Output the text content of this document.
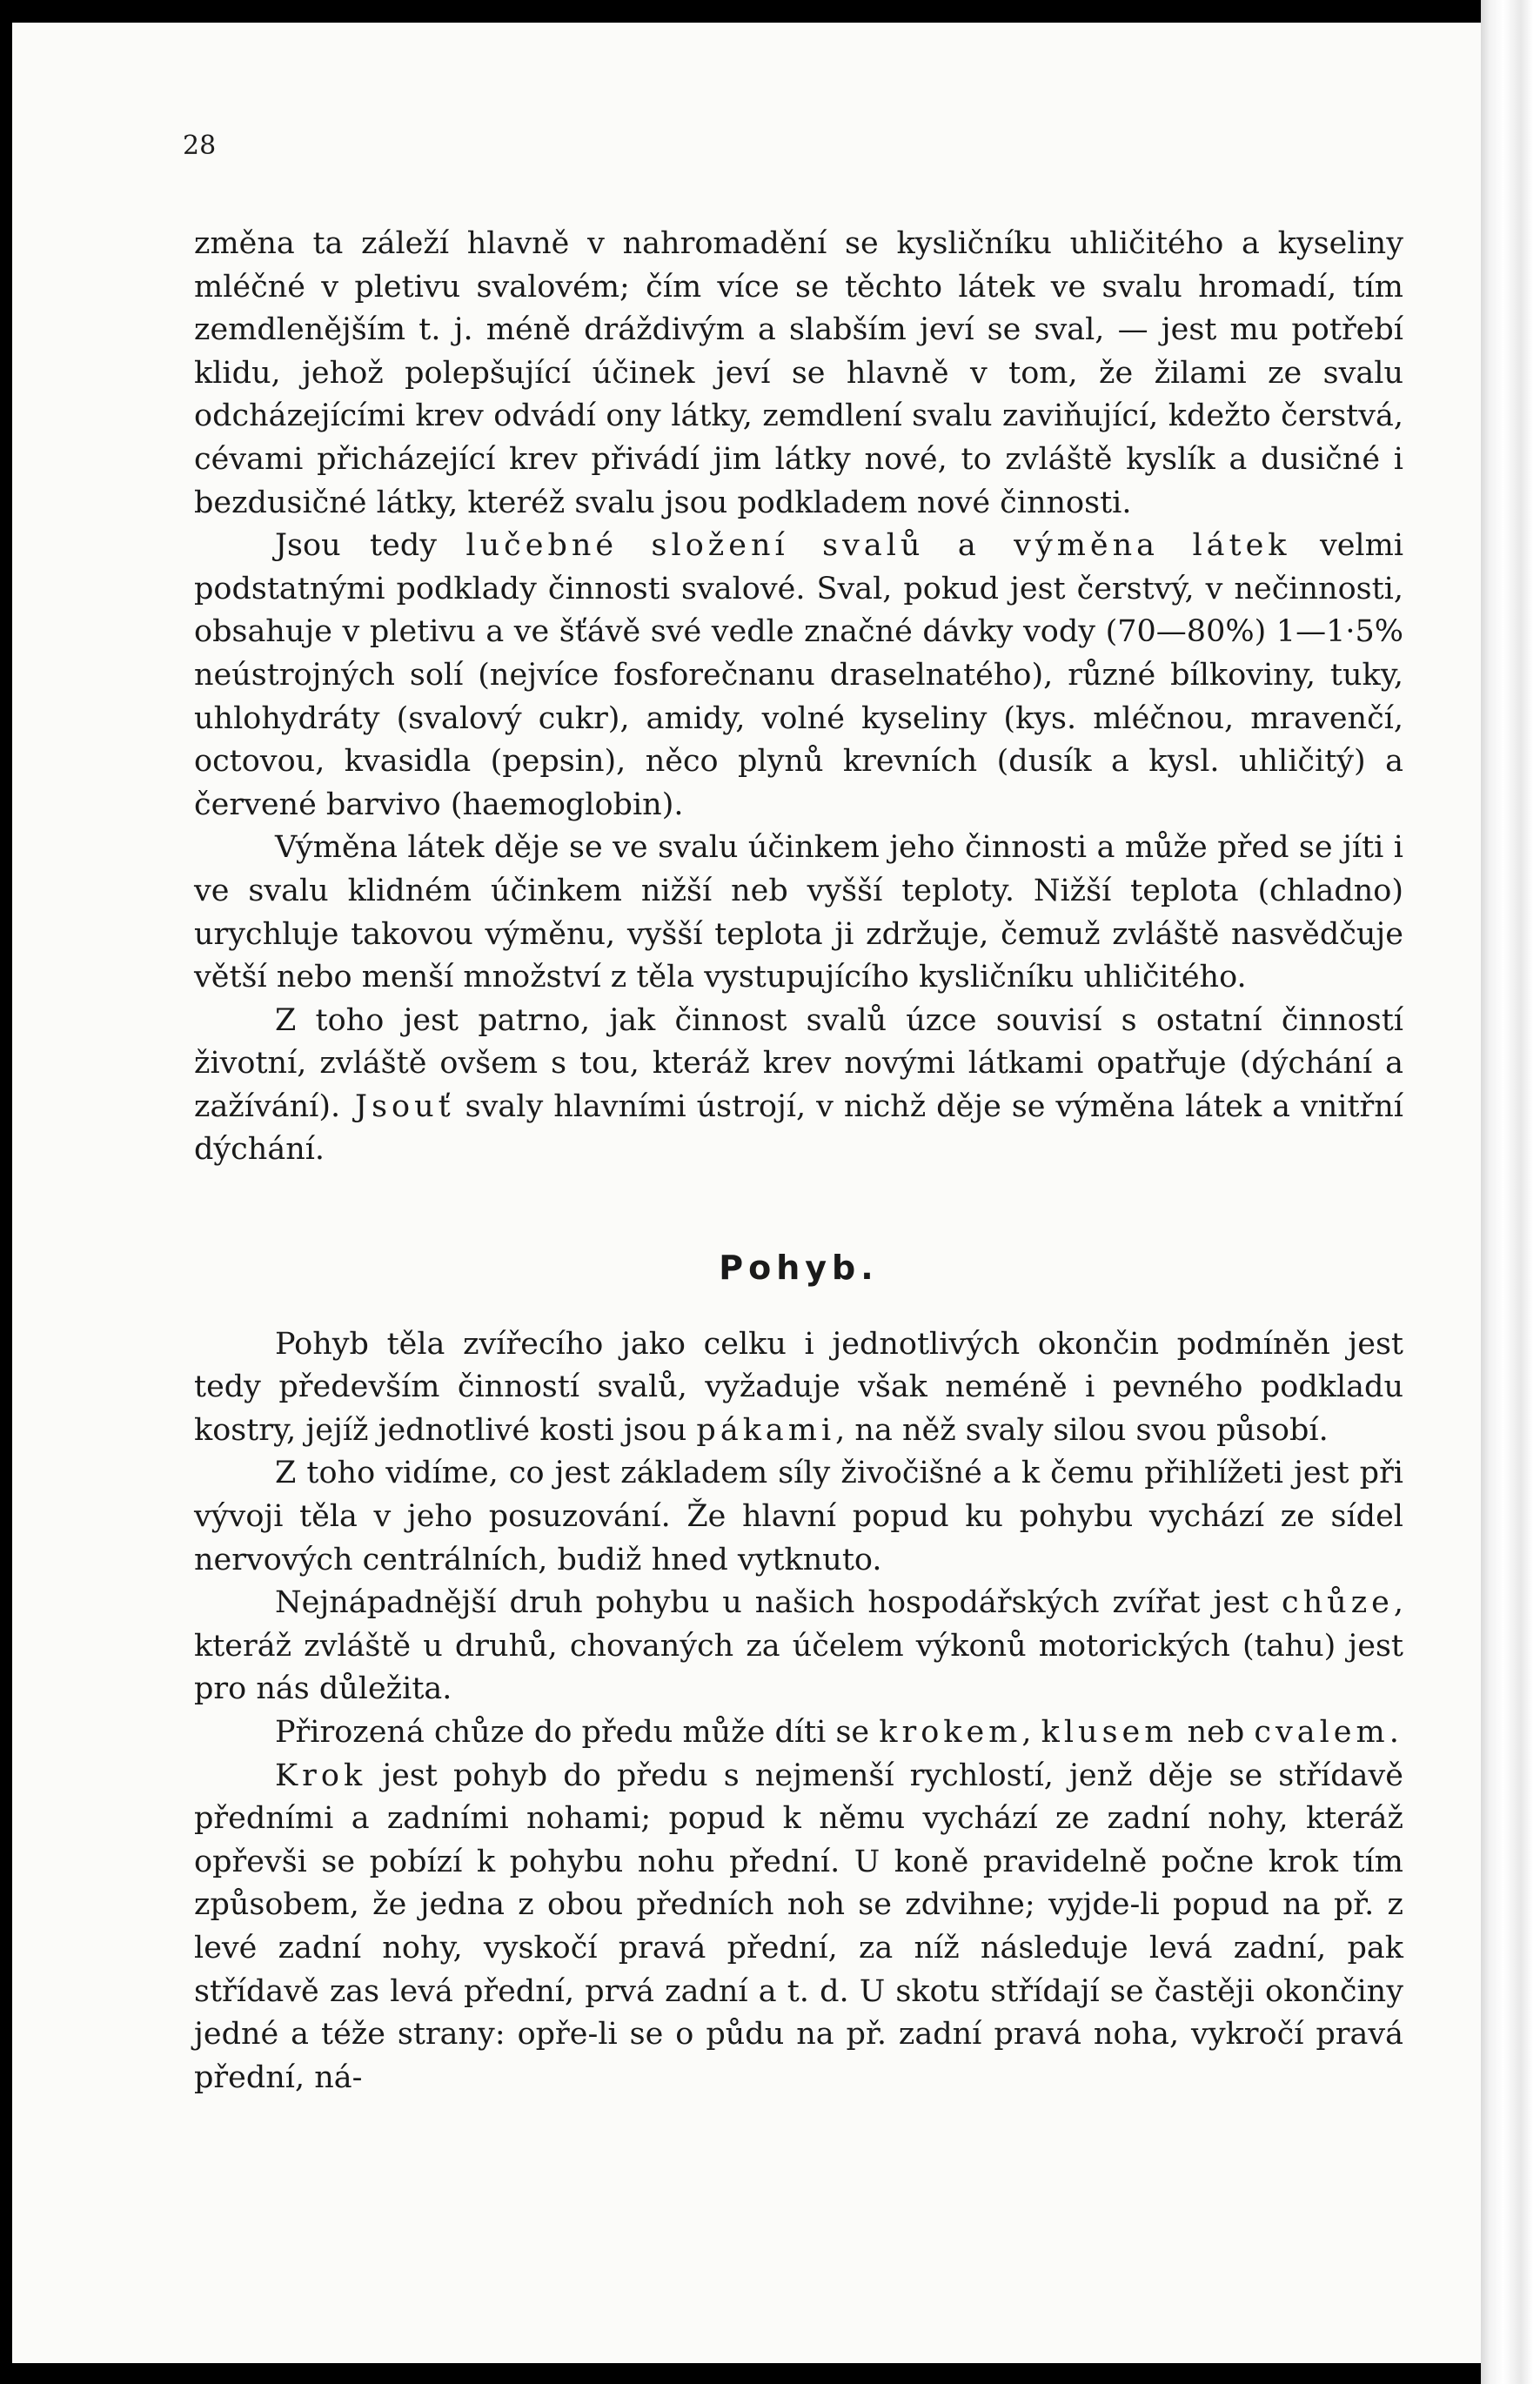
28

změna ta záleží hlavně v nahromadění se kysličníku uhličitého a kyseliny mléčné v pletivu svalovém; čím více se těchto látek ve svalu hromadí, tím zemdlenějším t. j. méně dráždivým a slabším jeví se sval, — jest mu potřebí klidu, jehož polepšující účinek jeví se hlavně v tom, že žilami ze svalu odcházejícími krev odvádí ony látky, zemdlení svalu zaviňující, kdežto čerstvá, cévami přicházející krev přivádí jim látky nové, to zvláště kyslík a dusičné i bezdusičné látky, kteréž svalu jsou podkladem nové činnosti.

Jsou tedy lučebné složení svalů a výměna látek velmi podstatnými podklady činnosti svalové. Sval, pokud jest čerstvý, v nečinnosti, obsahuje v pletivu a ve šťávě své vedle značné dávky vody (70—80%) 1—1·5% neústrojných solí (nejvíce fosforečnanu draselnatého), různé bílkoviny, tuky, uhlohydráty (svalový cukr), amidy, volné kyseliny (kys. mléčnou, mravenčí, octovou, kvasidla (pepsin), něco plynů krevních (dusík a kysl. uhličitý) a červené barvivo (haemoglobin).

Výměna látek děje se ve svalu účinkem jeho činnosti a může před se jíti i ve svalu klidném účinkem nižší neb vyšší teploty. Nižší teplota (chladno) urychluje takovou výměnu, vyšší teplota ji zdržuje, čemuž zvláště nasvědčuje větší nebo menší množství z těla vystupujícího kysličníku uhličitého.

Z toho jest patrno, jak činnost svalů úzce souvisí s ostatní činností životní, zvláště ovšem s tou, kteráž krev novými látkami opatřuje (dýchání a zažívání). Jsouť svaly hlavními ústrojí, v nichž děje se výměna látek a vnitřní dýchání.

Pohyb.

Pohyb těla zvířecího jako celku i jednotlivých okončin podmíněn jest tedy především činností svalů, vyžaduje však neméně i pevného podkladu kostry, jejíž jednotlivé kosti jsou pákami, na něž svaly silou svou působí.

Z toho vidíme, co jest základem síly živočišné a k čemu přihlížeti jest při vývoji těla v jeho posuzování. Že hlavní popud ku pohybu vychází ze sídel nervových centrálních, budiž hned vytknuto.

Nejnápadnější druh pohybu u našich hospodářských zvířat jest chůze, kteráž zvláště u druhů, chovaných za účelem výkonů motorických (tahu) jest pro nás důležita.

Přirozená chůze do předu může díti se krokem, klusem neb cvalem.

Krok jest pohyb do předu s nejmenší rychlostí, jenž děje se střídavě předními a zadními nohami; popud k němu vychází ze zadní nohy, kteráž opřevši se pobízí k pohybu nohu přední. U koně pravidelně počne krok tím způsobem, že jedna z obou předních noh se zdvihne; vyjde-li popud na př. z levé zadní nohy, vyskočí pravá přední, za níž následuje levá zadní, pak střídavě zas levá přední, prvá zadní a t. d. U skotu střídají se častěji okončiny jedné a téže strany: opře-li se o půdu na př. zadní pravá noha, vykročí pravá přední, ná-
